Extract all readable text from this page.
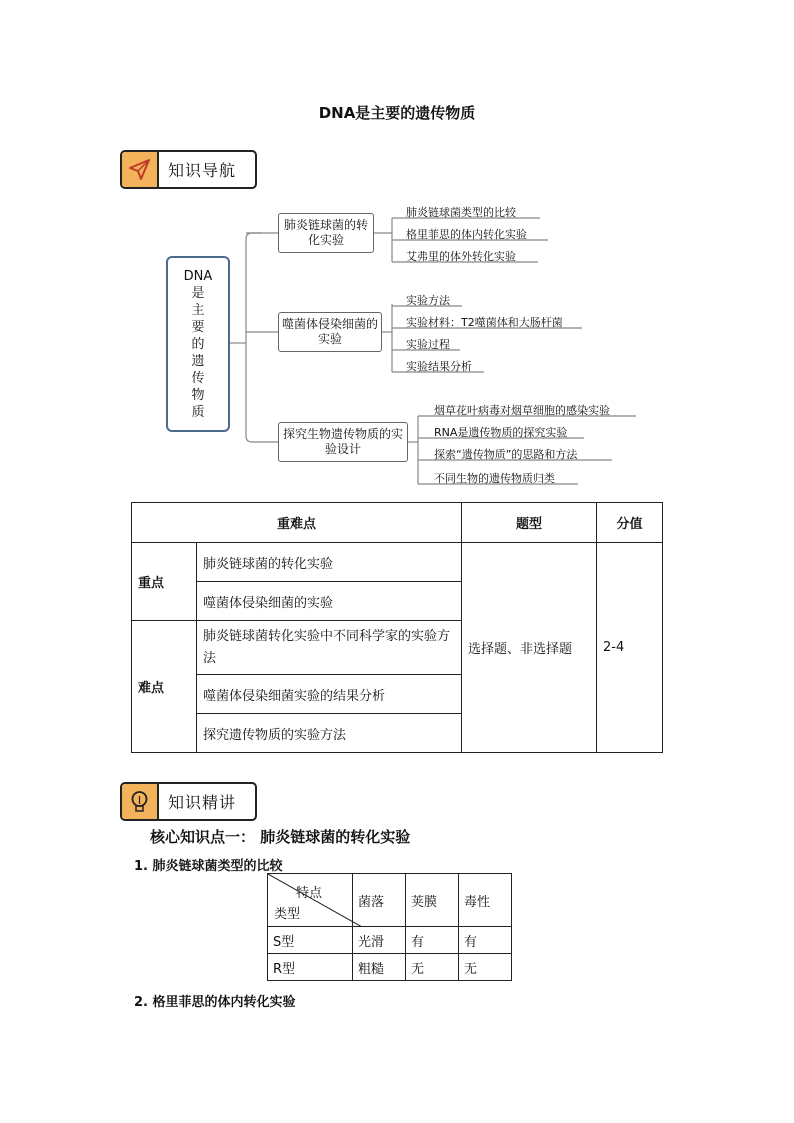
DNA是主要的遗传物质
知识导航
DNA
是
主
要
的
遗
传
物
质
肺炎链球菌的转化实验
噬菌体侵染细菌的实验
探究生物遗传物质的实验设计
肺炎链球菌类型的比较
格里菲思的体内转化实验
艾弗里的体外转化实验
实验方法
实验材料：T2噬菌体和大肠杆菌
实验过程
实验结果分析
烟草花叶病毒对烟草细胞的感染实验
RNA是遗传物质的探究实验
探索“遗传物质”的思路和方法
不同生物的遗传物质归类
重难点		题型	分值
重点	肺炎链球菌的转化实验	选择题、非选择题	2-4
	噬菌体侵染细菌的实验		
难点	肺炎链球菌转化实验中不同科学家的实验方法		
	噬菌体侵染细菌实验的结果分析		
	探究遗传物质的实验方法		
知识精讲
核心知识点一： 肺炎链球菌的转化实验
1. 肺炎链球菌类型的比较
特点
类型	菌落	荚膜	毒性
S型	光滑	有	有
R型	粗糙	无	无
2. 格里菲思的体内转化实验
